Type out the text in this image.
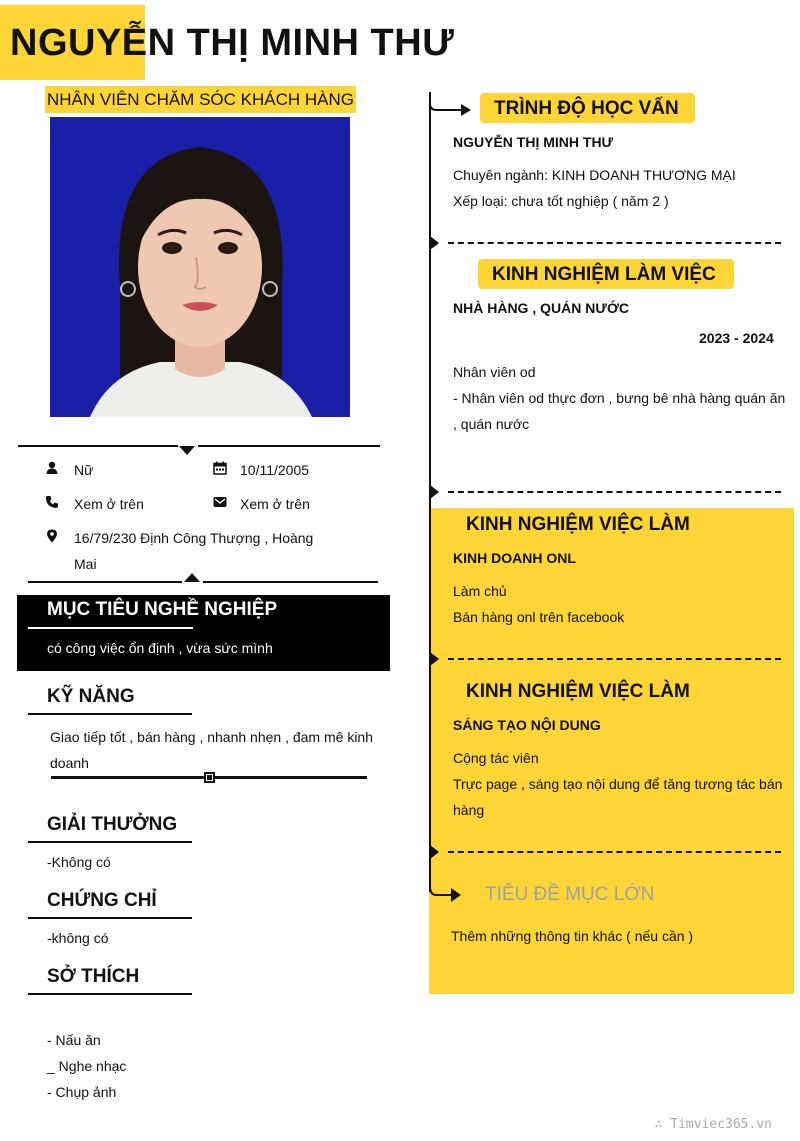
NGUYỄN THỊ MINH THƯ
NHÂN VIÊN CHĂM SÓC KHÁCH HÀNG
Nữ	10/11/2005
Xem ở trên	Xem ở trên
16/79/230 Định Công Thượng , Hoàng Mai
MỤC TIÊU NGHỀ NGHIỆP
có công việc ổn định , vừa sức mình
KỸ NĂNG
Giao tiếp tốt , bán hàng , nhanh nhẹn , đam mê kinh doanh
GIẢI THƯỞNG
-Không có
CHỨNG CHỈ
-không có
SỞ THÍCH
- Nấu ăn
_ Nghe nhạc
- Chụp ảnh
TRÌNH ĐỘ HỌC VẤN
NGUYỄN THỊ MINH THƯ
Chuyên ngành: KINH DOANH THƯƠNG MẠI
Xếp loại: chưa tốt nghiệp ( năm 2 )
KINH NGHIỆM LÀM VIỆC
NHÀ HÀNG , QUÁN NƯỚC
2023 - 2024
Nhân viên od
- Nhân viên od thực đơn , bưng bê nhà hàng quán ăn , quán nước
KINH NGHIỆM VIỆC LÀM
KINH DOANH ONL
Làm chủ
Bán hàng onl trên facebook
KINH NGHIỆM VIỆC LÀM
SÁNG TẠO NỘI DUNG
Cộng tác viên
Trực page , sáng tạo nội dung để tăng tương tác bán hàng
TIÊU ĐỀ MỤC LỚN
Thêm những thông tin khác ( nếu cần )
∴ Timviec365.vn
